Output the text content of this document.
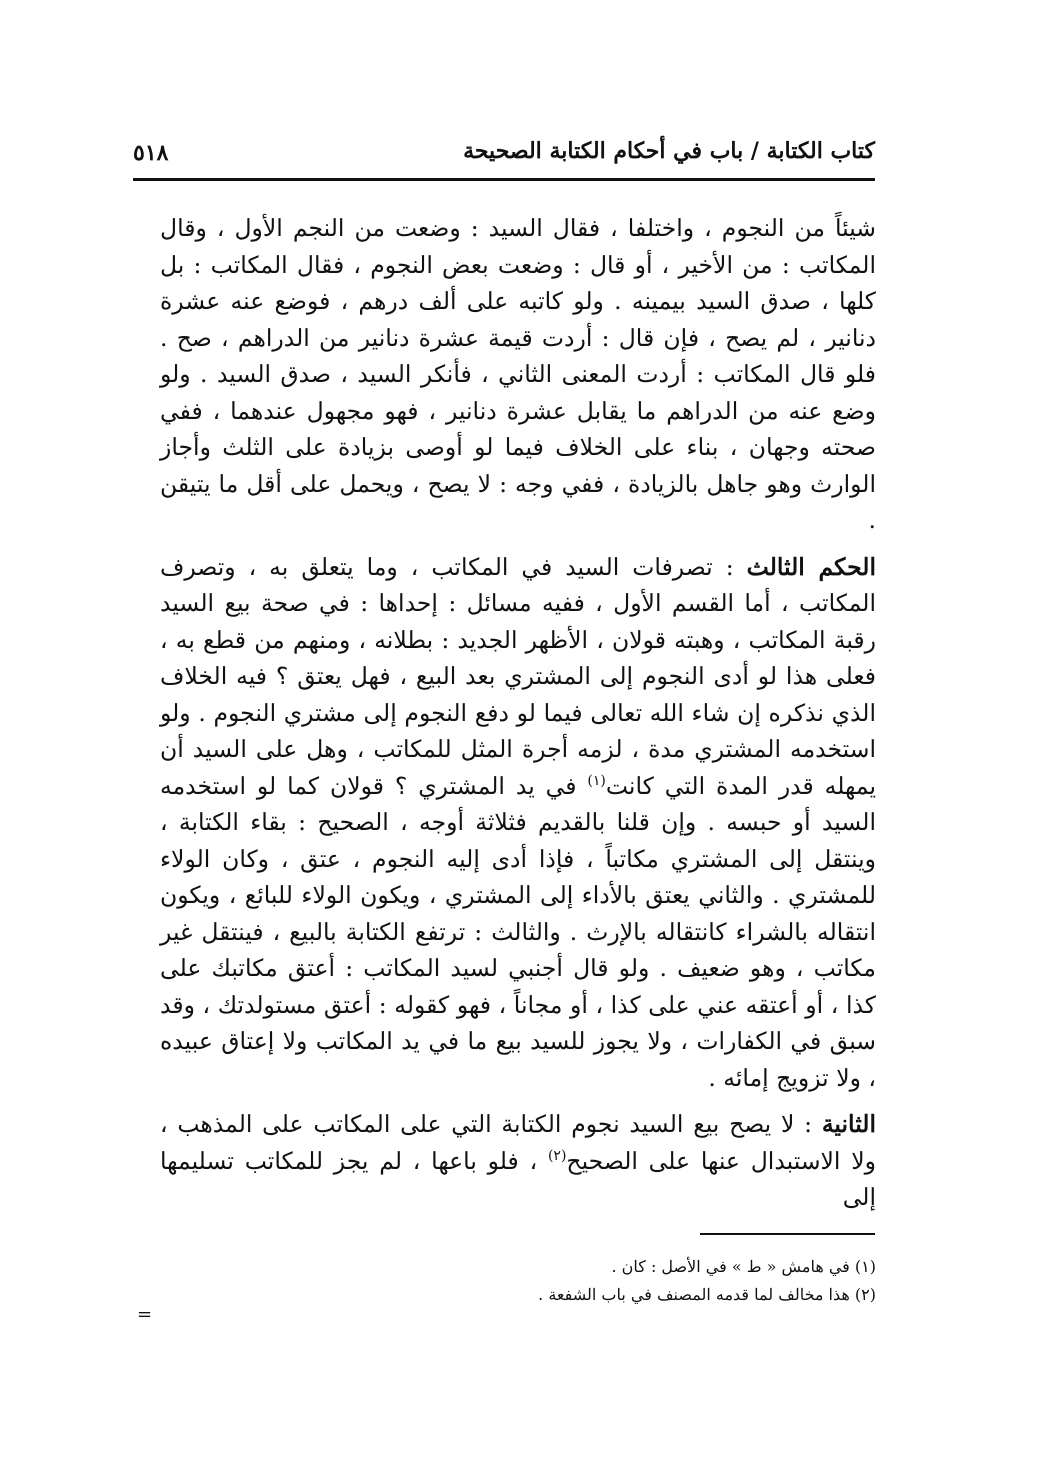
كتاب الكتابة / باب في أحكام الكتابة الصحيحة
٥١٨

شيئاً من النجوم ، واختلفا ، فقال السيد : وضعت من النجم الأول ، وقال المكاتب : من الأخير ، أو قال : وضعت بعض النجوم ، فقال المكاتب : بل كلها ، صدق السيد بيمينه . ولو كاتبه على ألف درهم ، فوضع عنه عشرة دنانير ، لم يصح ، فإن قال : أردت قيمة عشرة دنانير من الدراهم ، صح . فلو قال المكاتب : أردت المعنى الثاني ، فأنكر السيد ، صدق السيد . ولو وضع عنه من الدراهم ما يقابل عشرة دنانير ، فهو مجهول عندهما ، ففي صحته وجهان ، بناء على الخلاف فيما لو أوصى بزيادة على الثلث وأجاز الوارث وهو جاهل بالزيادة ، ففي وجه : لا يصح ، ويحمل على أقل ما يتيقن .

الحكم الثالث : تصرفات السيد في المكاتب ، وما يتعلق به ، وتصرف المكاتب ، أما القسم الأول ، ففيه مسائل : إحداها : في صحة بيع السيد رقبة المكاتب ، وهبته قولان ، الأظهر الجديد : بطلانه ، ومنهم من قطع به ، فعلى هذا لو أدى النجوم إلى المشتري بعد البيع ، فهل يعتق ؟ فيه الخلاف الذي نذكره إن شاء الله تعالى فيما لو دفع النجوم إلى مشتري النجوم . ولو استخدمه المشتري مدة ، لزمه أجرة المثل للمكاتب ، وهل على السيد أن يمهله قدر المدة التي كانت$^{(١)}$ في يد المشتري ؟ قولان كما لو استخدمه السيد أو حبسه . وإن قلنا بالقديم فثلاثة أوجه ، الصحيح : بقاء الكتابة ، وينتقل إلى المشتري مكاتباً ، فإذا أدى إليه النجوم ، عتق ، وكان الولاء للمشتري . والثاني يعتق بالأداء إلى المشتري ، ويكون الولاء للبائع ، ويكون انتقاله بالشراء كانتقاله بالإرث . والثالث : ترتفع الكتابة بالبيع ، فينتقل غير مكاتب ، وهو ضعيف . ولو قال أجنبي لسيد المكاتب : أعتق مكاتبك على كذا ، أو أعتقه عني على كذا ، أو مجاناً ، فهو كقوله : أعتق مستولدتك ، وقد سبق في الكفارات ، ولا يجوز للسيد بيع ما في يد المكاتب ولا إعتاق عبيده ، ولا تزويج إمائه .

الثانية : لا يصح بيع السيد نجوم الكتابة التي على المكاتب على المذهب ، ولا الاستبدال عنها على الصحيح$^{(٢)}$ ، فلو باعها ، لم يجز للمكاتب تسليمها إلى

(١) في هامش « ط » في الأصل : كان .
(٢) هذا مخالف لما قدمه المصنف في باب الشفعة .
=
